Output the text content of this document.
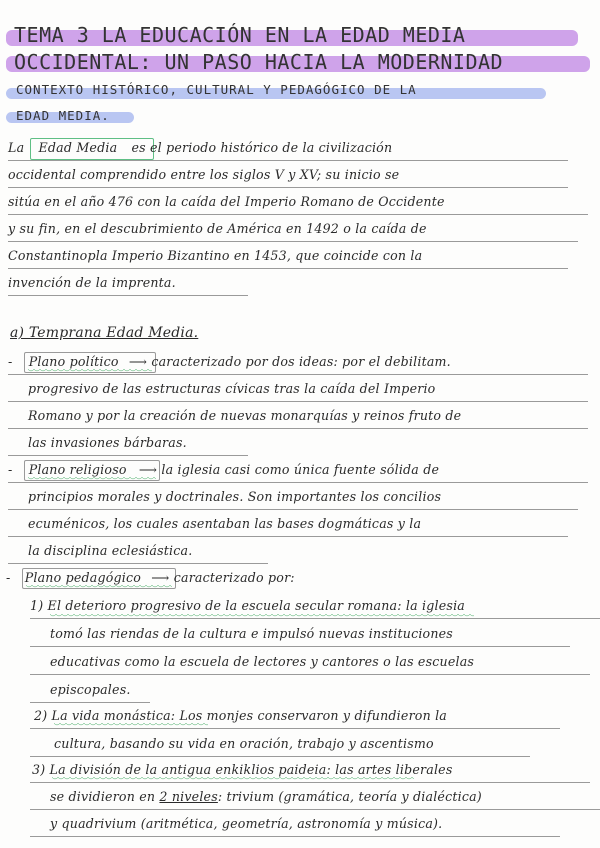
TEMA 3 LA EDUCACIÓN EN LA EDAD MEDIA
OCCIDENTAL: UN PASO HACIA LA MODERNIDAD
CONTEXTO HISTÓRICO, CULTURAL Y PEDAGÓGICO DE LA
EDAD MEDIA.
La Edad Media es el periodo histórico de la civilización
occidental comprendido entre los siglos V y XV; su inicio se
sitúa en el año 476 con la caída del Imperio Romano de Occidente
y su fin, en el descubrimiento de América en 1492 o la caída de
Constantinopla Imperio Bizantino en 1453, que coincide con la
invención de la imprenta.
a) Temprana Edad Media.
- Plano político ⟶ caracterizado por dos ideas: por el debilitam.
progresivo de las estructuras cívicas tras la caída del Imperio
Romano y por la creación de nuevas monarquías y reinos fruto de
las invasiones bárbaras.
- Plano religioso ⟶ la iglesia casi como única fuente sólida de
principios morales y doctrinales. Son importantes los concilios
ecuménicos, los cuales asentaban las bases dogmáticas y la
la disciplina eclesiástica.
- Plano pedagógico ⟶ caracterizado por:
1) El deterioro progresivo de la escuela secular romana: la iglesia
tomó las riendas de la cultura e impulsó nuevas instituciones
educativas como la escuela de lectores y cantores o las escuelas
episcopales.
2) La vida monástica: Los monjes conservaron y difundieron la
cultura, basando su vida en oración, trabajo y ascentismo
3) La división de la antigua enkiklios paideia: las artes liberales
se dividieron en 2 niveles: trivium (gramática, teoría y dialéctica)
y quadrivium (aritmética, geometría, astronomía y música).
